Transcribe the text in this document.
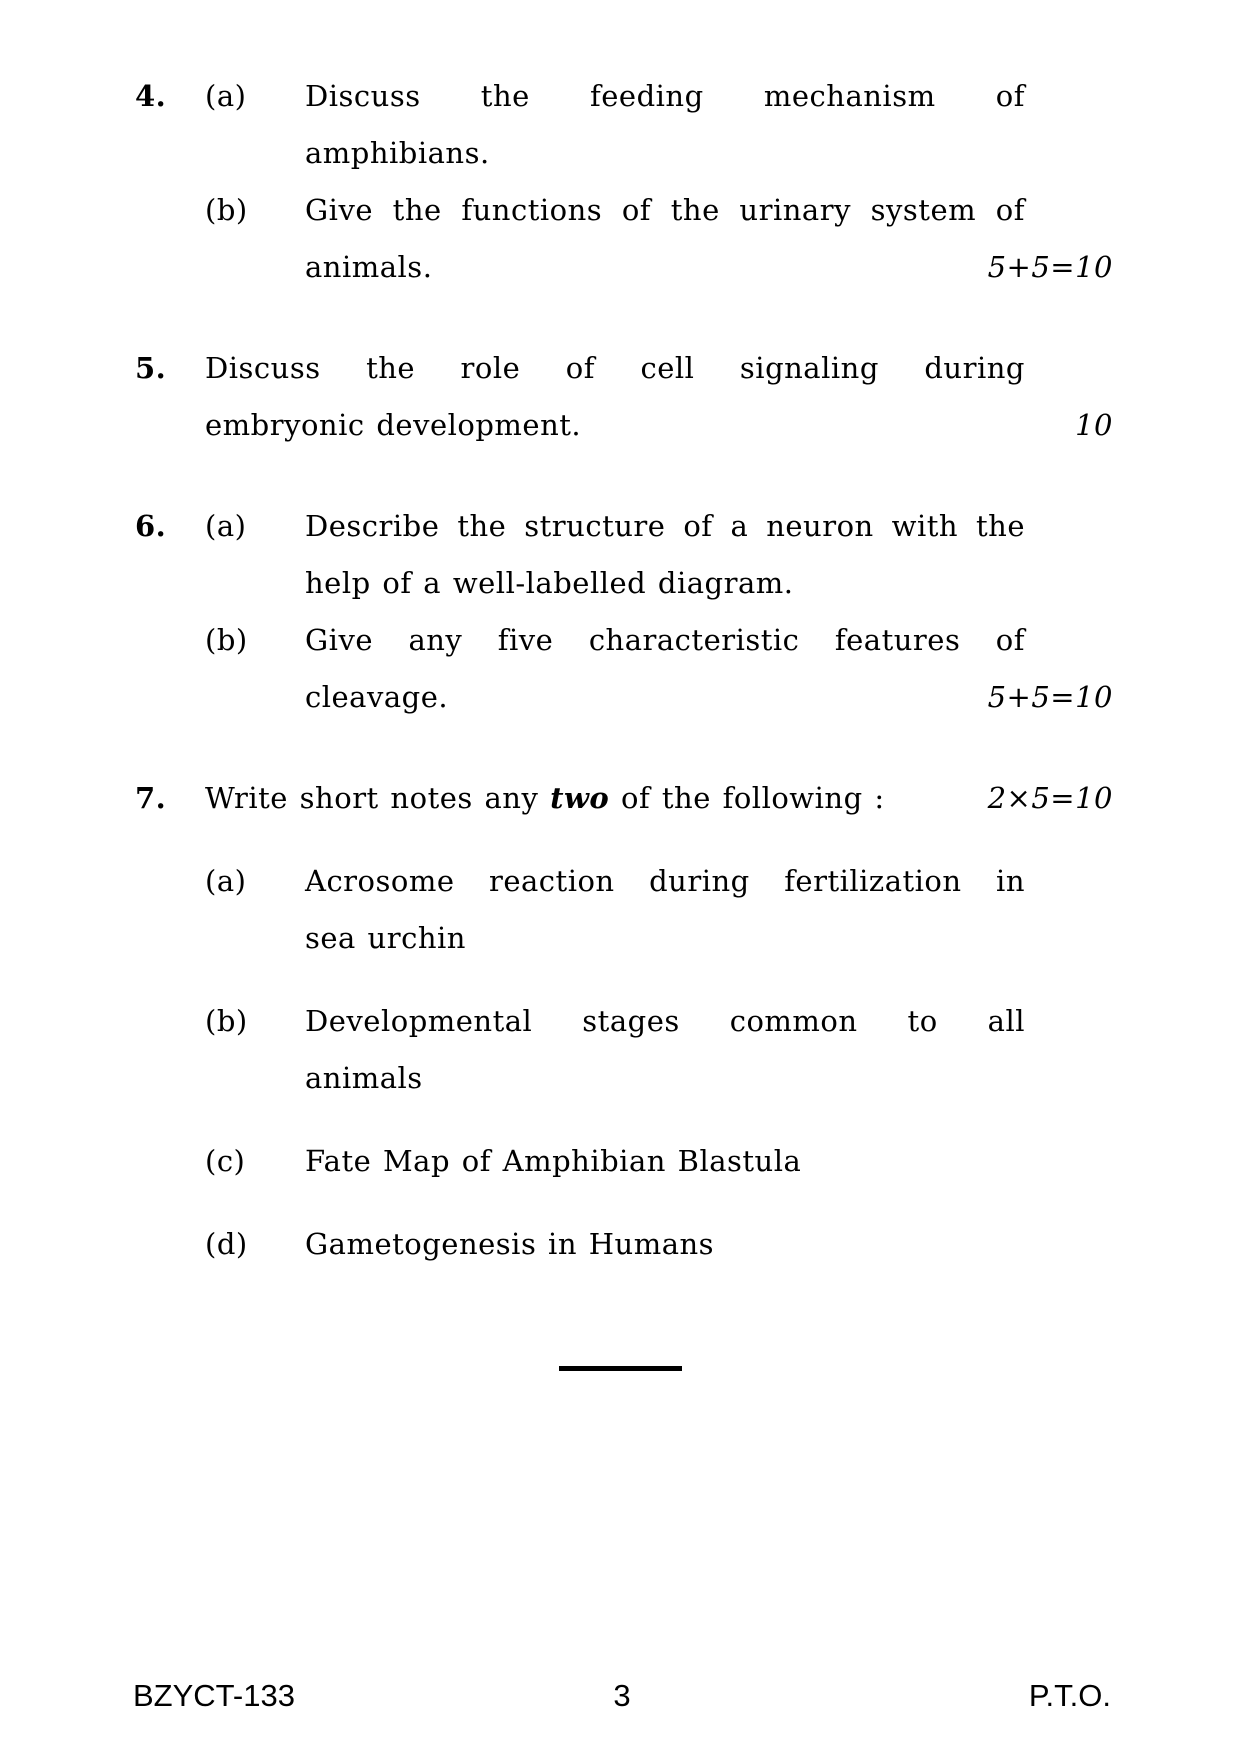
4.	(a)	Discuss the feeding mechanism of
amphibians.
(b)	Give the functions of the urinary system of
animals.	5+5=10
5.	Discuss the role of cell signaling during
embryonic development.	10
6.	(a)	Describe the structure of a neuron with the
help of a well-labelled diagram.
(b)	Give any five characteristic features of
cleavage.	5+5=10
7.	Write short notes any two of the following :	2×5=10
(a)	Acrosome reaction during fertilization in
sea urchin
(b)	Developmental stages common to all
animals
(c)	Fate Map of Amphibian Blastula
(d)	Gametogenesis in Humans
BZYCT-133	3	P.T.O.
